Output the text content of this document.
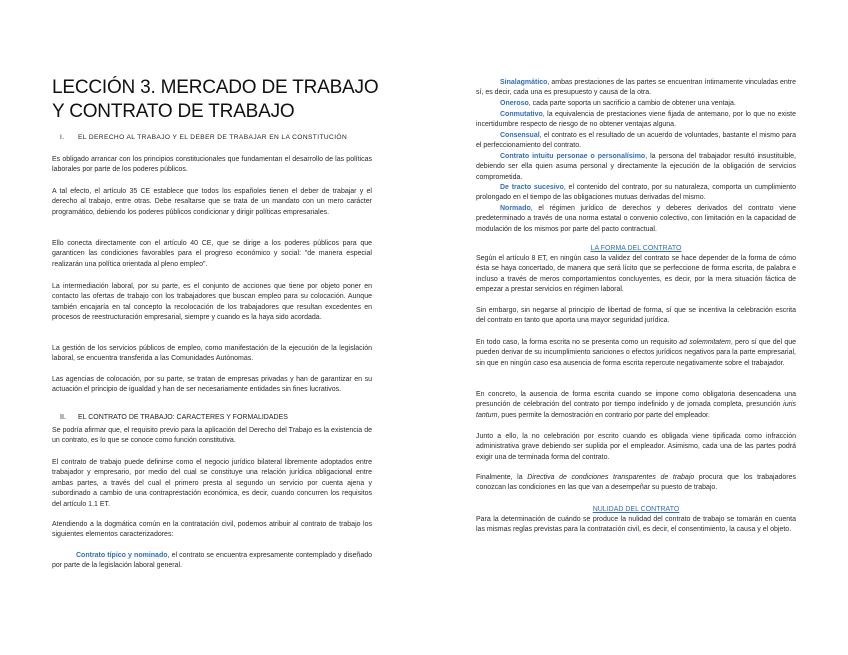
LECCIÓN 3. MERCADO DE TRABAJO Y CONTRATO DE TRABAJO
I. EL DERECHO AL TRABAJO Y EL DEBER DE TRABAJAR EN LA CONSTITUCIÓN

Es obligado arrancar con los principios constitucionales que fundamentan el desarrollo de las políticas laborales por parte de los poderes públicos.

A tal efecto, el artículo 35 CE establece que todos los españoles tienen el deber de trabajar y el derecho al trabajo, entre otras. Debe resaltarse que se trata de un mandato con un mero carácter programático, debiendo los poderes públicos condicionar y dirigir políticas empresariales.

Ello conecta directamente con el artículo 40 CE, que se dirige a los poderes públicos para que garanticen las condiciones favorables para el progreso económico y social: "de manera especial realizarán una política orientada al pleno empleo".

La intermediación laboral, por su parte, es el conjunto de acciones que tiene por objeto poner en contacto las ofertas de trabajo con los trabajadores que buscan empleo para su colocación. Aunque también encajaría en tal concepto la recolocación de los trabajadores que resultan excedentes en procesos de reestructuración empresarial, siempre y cuando es la haya sido acordada.

La gestión de los servicios públicos de empleo, como manifestación de la ejecución de la legislación laboral, se encuentra transferida a las Comunidades Autónomas.

Las agencias de colocación, por su parte, se tratan de empresas privadas y han de garantizar en su actuación el principio de igualdad y han de ser necesariamente entidades sin fines lucrativos.

II. EL CONTRATO DE TRABAJO: CARACTERES Y FORMALIDADES

Se podría afirmar que, el requisito previo para la aplicación del Derecho del Trabajo es la existencia de un contrato, es lo que se conoce como función constitutiva.

El contrato de trabajo puede definirse como el negocio jurídico bilateral libremente adoptados entre trabajador y empresario, por medio del cual se constituye una relación jurídica obligacional entre ambas partes, a través del cual el primero presta al segundo un servicio por cuenta ajena y subordinado a cambio de una contraprestación económica, es decir, cuando concurren los requisitos del artículo 1.1 ET.

Atendiendo a la dogmática común en la contratación civil, podemos atribuir al contrato de trabajo los siguientes elementos caracterizadores:

Contrato típico y nominado, el contrato se encuentra expresamente contemplado y diseñado por parte de la legislación laboral general.

Sinalagmático, ambas prestaciones de las partes se encuentran íntimamente vinculadas entre sí, es decir, cada una es presupuesto y causa de la otra.

Oneroso, cada parte soporta un sacrificio a cambio de obtener una ventaja.

Conmutativo, la equivalencia de prestaciones viene fijada de antemano, por lo que no existe incertidumbre respecto de riesgo de no obtener ventajas alguna.

Consensual, el contrato es el resultado de un acuerdo de voluntades, bastante el mismo para el perfeccionamiento del contrato.

Contrato intuitu personae o personalísimo, la persona del trabajador resultó insustituible, debiendo ser ella quien asuma personal y directamente la ejecución de la obligación de servicios comprometida.

De tracto sucesivo, el contenido del contrato, por su naturaleza, comporta un cumplimiento prolongado en el tiempo de las obligaciones mutuas derivadas del mismo.

Normado, el régimen jurídico de derechos y deberes derivados del contrato viene predeterminado a través de una norma estatal o convenio colectivo, con limitación en la capacidad de modulación de los mismos por parte del pacto contractual.

LA FORMA DEL CONTRATO

Según el artículo 8 ET, en ningún caso la validez del contrato se hace depender de la forma de cómo ésta se haya concertado, de manera que será lícito que se perfeccione de forma escrita, de palabra e incluso a través de meros comportamientos concluyentes, es decir, por la mera situación fáctica de empezar a prestar servicios en régimen laboral.

Sin embargo, sin negarse al principio de libertad de forma, sí que se incentiva la celebración escrita del contrato en tanto que aporta una mayor seguridad jurídica.

En todo caso, la forma escrita no se presenta como un requisito ad solemnitatem, pero sí que del que pueden derivar de su incumplimiento sanciones o efectos jurídicos negativos para la parte empresarial, sin que en ningún caso esa ausencia de forma escrita repercute negativamente sobre el trabajador.

En concreto, la ausencia de forma escrita cuando se impone como obligatoria desencadena una presunción de celebración del contrato por tiempo indefinido y de jornada completa, presunción iuris tantum, pues permite la demostración en contrario por parte del empleador.

Junto a ello, la no celebración por escrito cuando es obligada viene tipificada como infracción administrativa grave debiendo ser suplida por el empleador. Asimismo, cada una de las partes podrá exigir una de terminada forma del contrato.

Finalmente, la Directiva de condiciones transparentes de trabajo procura que los trabajadores conozcan las condiciones en las que van a desempeñar su puesto de trabajo.

NULIDAD DEL CONTRATO

Para la determinación de cuándo se produce la nulidad del contrato de trabajo se tomarán en cuenta las mismas reglas previstas para la contratación civil, es decir, el consentimiento, la causa y el objeto.
